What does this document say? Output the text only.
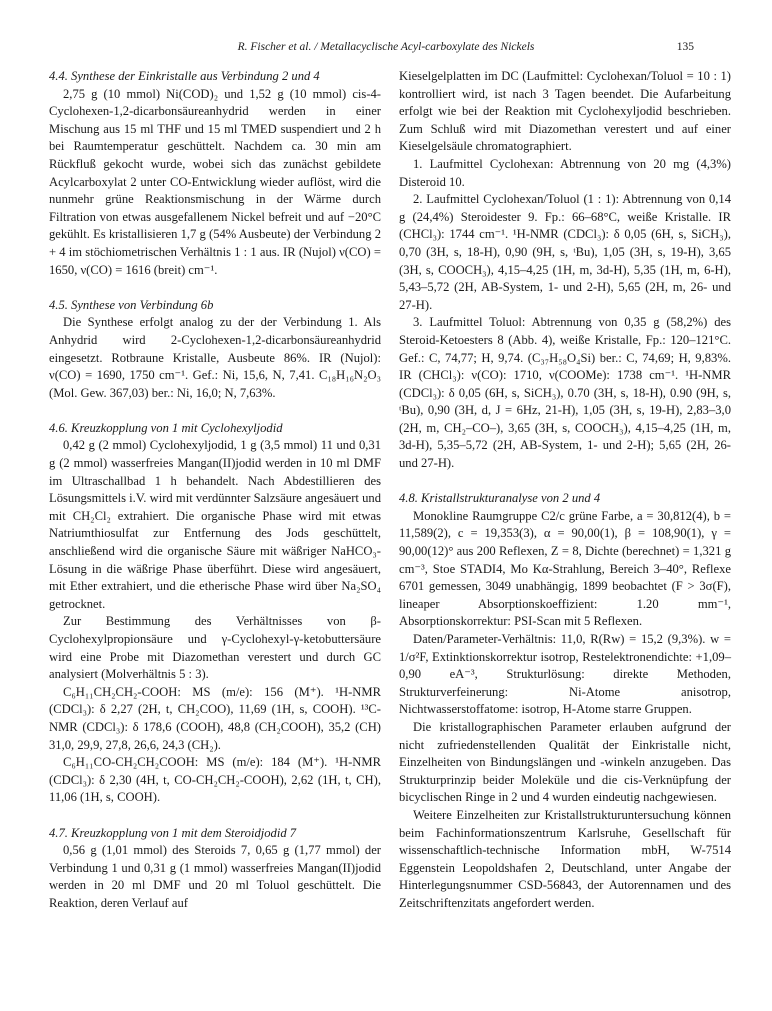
R. Fischer et al. / Metallacyclische Acyl-carboxylate des Nickels	135
4.4. Synthese der Einkristalle aus Verbindung 2 und 4

2,75 g (10 mmol) Ni(COD)₂ und 1,52 g (10 mmol) cis-4-Cyclohexen-1,2-dicarbonsäureanhydrid werden in einer Mischung aus 15 ml THF und 15 ml TMED suspendiert und 2 h bei Raumtemperatur geschüttelt. Nachdem ca. 30 min am Rückfluß gekocht wurde, wobei sich das zunächst gebildete Acylcarboxylat 2 unter CO-Entwicklung wieder auflöst, wird die nunmehr grüne Reaktionsmischung in der Wärme durch Filtration von etwas ausgefallenem Nickel befreit und auf −20°C gekühlt. Es kristallisieren 1,7 g (54% Ausbeute) der Verbindung 2 + 4 im stöchiometrischen Verhältnis 1 : 1 aus. IR (Nujol) ν(CO) = 1650, ν(CO) = 1616 (breit) cm⁻¹.

4.5. Synthese von Verbindung 6b

Die Synthese erfolgt analog zu der der Verbindung 1. Als Anhydrid wird 2-Cyclohexen-1,2-dicarbonsäureanhydrid eingesetzt. Rotbraune Kristalle, Ausbeute 86%. IR (Nujol): ν(CO) = 1690, 1750 cm⁻¹. Gef.: Ni, 15,6, N, 7,41. C₁₈H₁₆N₂O₃ (Mol. Gew. 367,03) ber.: Ni, 16,0; N, 7,63%.

4.6. Kreuzkopplung von 1 mit Cyclohexyljodid

0,42 g (2 mmol) Cyclohexyljodid, 1 g (3,5 mmol) 11 und 0,31 g (2 mmol) wasserfreies Mangan(II)jodid werden in 10 ml DMF im Ultraschallbad 1 h behandelt. Nach Abdestillieren des Lösungsmittels i.V. wird mit verdünnter Salzsäure angesäuert und mit CH₂Cl₂ extrahiert. Die organische Phase wird mit etwas Natriumthiosulfat zur Entfernung des Jods geschüttelt, anschließend wird die organische Säure mit wäßriger NaHCO₃-Lösung in die wäßrige Phase überführt. Diese wird angesäuert, mit Ether extrahiert, und die etherische Phase wird über Na₂SO₄ getrocknet.

Zur Bestimmung des Verhältnisses von β-Cyclohexylpropionsäure und γ-Cyclohexyl-γ-ketobuttersäure wird eine Probe mit Diazomethan verestert und durch GC analysiert (Molverhältnis 5 : 3).

C₆H₁₁CH₂CH₂-COOH: MS (m/e): 156 (M⁺). ¹H-NMR (CDCl₃): δ 2,27 (2H, t, CH₂COO), 11,69 (1H, s, COOH). ¹³C-NMR (CDCl₃): δ 178,6 (COOH), 48,8 (CH₂COOH), 35,2 (CH) 31,0, 29,9, 27,8, 26,6, 24,3 (CH₂).

C₆H₁₁CO-CH₂CH₂COOH: MS (m/e): 184 (M⁺). ¹H-NMR (CDCl₃): δ 2,30 (4H, t, CO-CH₂CH₂-COOH), 2,62 (1H, t, CH), 11,06 (1H, s, COOH).

4.7. Kreuzkopplung von 1 mit dem Steroidjodid 7

0,56 g (1,01 mmol) des Steroids 7, 0,65 g (1,77 mmol) der Verbindung 1 und 0,31 g (1 mmol) wasserfreies Mangan(II)jodid werden in 20 ml DMF und 20 ml Toluol geschüttelt. Die Reaktion, deren Verlauf auf

Kieselgelplatten im DC (Laufmittel: Cyclohexan/Toluol = 10 : 1) kontrolliert wird, ist nach 3 Tagen beendet. Die Aufarbeitung erfolgt wie bei der Reaktion mit Cyclohexyljodid beschrieben. Zum Schluß wird mit Diazomethan verestert und auf einer Kieselgelsäule chromatographiert.

1. Laufmittel Cyclohexan: Abtrennung von 20 mg (4,3%) Disteroid 10.

2. Laufmittel Cyclohexan/Toluol (1 : 1): Abtrennung von 0,14 g (24,4%) Steroidester 9. Fp.: 66–68°C, weiße Kristalle. IR (CHCl₃): 1744 cm⁻¹. ¹H-NMR (CDCl₃): δ 0,05 (6H, s, SiCH₃), 0,70 (3H, s, 18-H), 0,90 (9H, s, ᵗBu), 1,05 (3H, s, 19-H), 3,65 (3H, s, COOCH₃), 4,15–4,25 (1H, m, 3d-H), 5,35 (1H, m, 6-H), 5,43–5,72 (2H, AB-System, 1- und 2-H), 5,65 (2H, m, 26- und 27-H).

3. Laufmittel Toluol: Abtrennung von 0,35 g (58,2%) des Steroid-Ketoesters 8 (Abb. 4), weiße Kristalle, Fp.: 120–121°C. Gef.: C, 74,77; H, 9,74. (C₃₇H₅₈O₄Si) ber.: C, 74,69; H, 9,83%. IR (CHCl₃): ν(CO): 1710, ν(COOMe): 1738 cm⁻¹. ¹H-NMR (CDCl₃): δ 0,05 (6H, s, SiCH₃), 0.70 (3H, s, 18-H), 0.90 (9H, s, ᵗBu), 0,90 (3H, d, J = 6Hz, 21-H), 1,05 (3H, s, 19-H), 2,83–3,0 (2H, m, CH₂–CO–), 3,65 (3H, s, COOCH₃), 4,15–4,25 (1H, m, 3d-H), 5,35–5,72 (2H, AB-System, 1- und 2-H); 5,65 (2H, 26- und 27-H).

4.8. Kristallstrukturanalyse von 2 und 4

Monokline Raumgruppe C2/c grüne Farbe, a = 30,812(4), b = 11,589(2), c = 19,353(3), α = 90,00(1), β = 108,90(1), γ = 90,00(12)° aus 200 Reflexen, Z = 8, Dichte (berechnet) = 1,321 g cm⁻³, Stoe STADI4, Mo Kα-Strahlung, Bereich 3–40°, Reflexe 6701 gemessen, 3049 unabhängig, 1899 beobachtet (F > 3σ(F), lineарer Absorptionskoeffizient: 1.20 mm⁻¹, Absorptionskorrektur: PSI-Scan mit 5 Reflexen.

Daten/Parameter-Verhältnis: 11,0, R(Rw) = 15,2 (9,3%). w = 1/σ²F, Extinktionskorrektur isotrop, Restelektronendichte: +1,09–0,90 eA⁻³, Strukturlösung: direkte Methoden, Strukturverfeinerung: Ni-Atome anisotrop, Nichtwasserstoffatome: isotrop, H-Atome starre Gruppen.

Die kristallographischen Parameter erlauben aufgrund der nicht zufriedenstellenden Qualität der Einkristalle nicht, Einzelheiten von Bindungslängen und -winkeln anzugeben. Das Strukturprinzip beider Moleküle und die cis-Verknüpfung der bicyclischen Ringe in 2 und 4 wurden eindeutig nachgewiesen.

Weitere Einzelheiten zur Kristallstrukturuntersuchung können beim Fachinformationszentrum Karlsruhe, Gesellschaft für wissenschaftlich-technische Information mbH, W-7514 Eggenstein Leopoldshafen 2, Deutschland, unter Angabe der Hinterlegungsnummer CSD-56843, der Autorennamen und des Zeitschriftenzitats angefordert werden.
